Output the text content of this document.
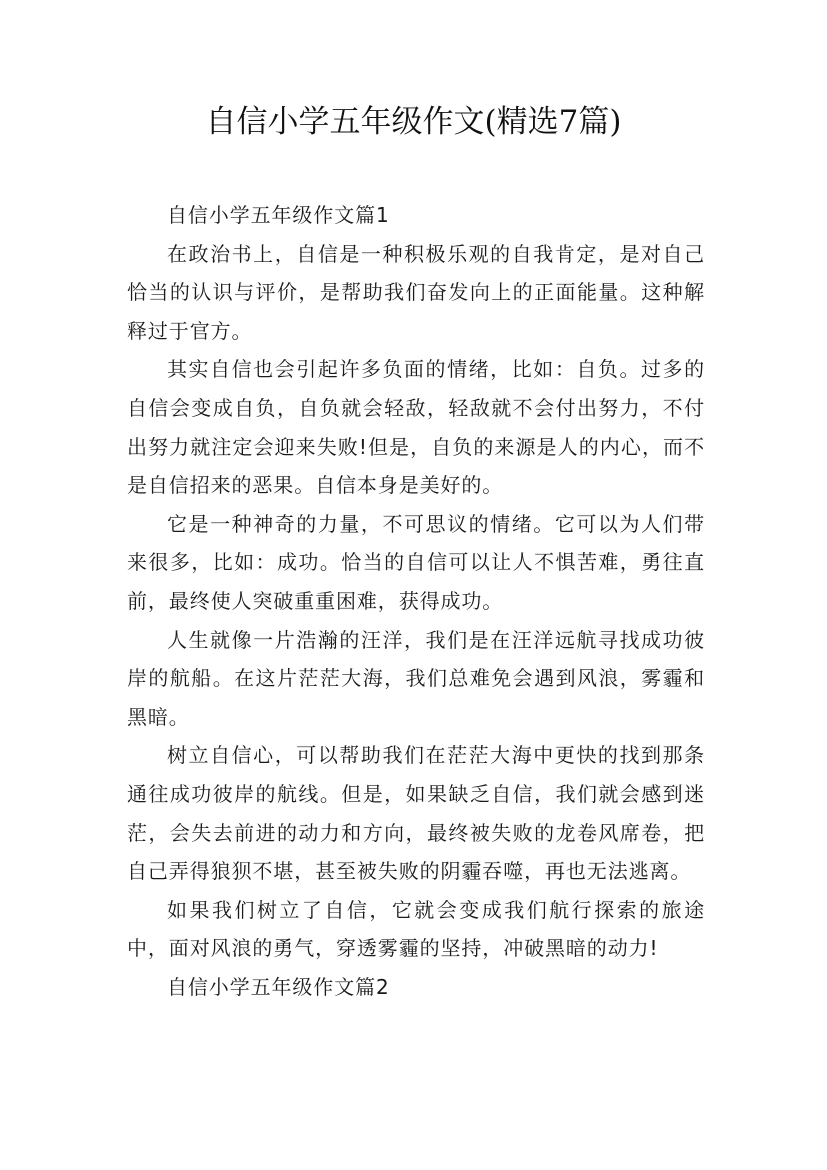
自信小学五年级作文(精选7篇)

自信小学五年级作文篇1

在政治书上，自信是一种积极乐观的自我肯定，是对自己恰当的认识与评价，是帮助我们奋发向上的正面能量。这种解释过于官方。

其实自信也会引起许多负面的情绪，比如：自负。过多的自信会变成自负，自负就会轻敌，轻敌就不会付出努力，不付出努力就注定会迎来失败!但是，自负的来源是人的内心，而不是自信招来的恶果。自信本身是美好的。

它是一种神奇的力量，不可思议的情绪。它可以为人们带来很多，比如：成功。恰当的自信可以让人不惧苦难，勇往直前，最终使人突破重重困难，获得成功。

人生就像一片浩瀚的汪洋，我们是在汪洋远航寻找成功彼岸的航船。在这片茫茫大海，我们总难免会遇到风浪，雾霾和黑暗。

树立自信心，可以帮助我们在茫茫大海中更快的找到那条通往成功彼岸的航线。但是，如果缺乏自信，我们就会感到迷茫，会失去前进的动力和方向，最终被失败的龙卷风席卷，把自己弄得狼狈不堪，甚至被失败的阴霾吞噬，再也无法逃离。

如果我们树立了自信，它就会变成我们航行探索的旅途中，面对风浪的勇气，穿透雾霾的坚持，冲破黑暗的动力!

自信小学五年级作文篇2
